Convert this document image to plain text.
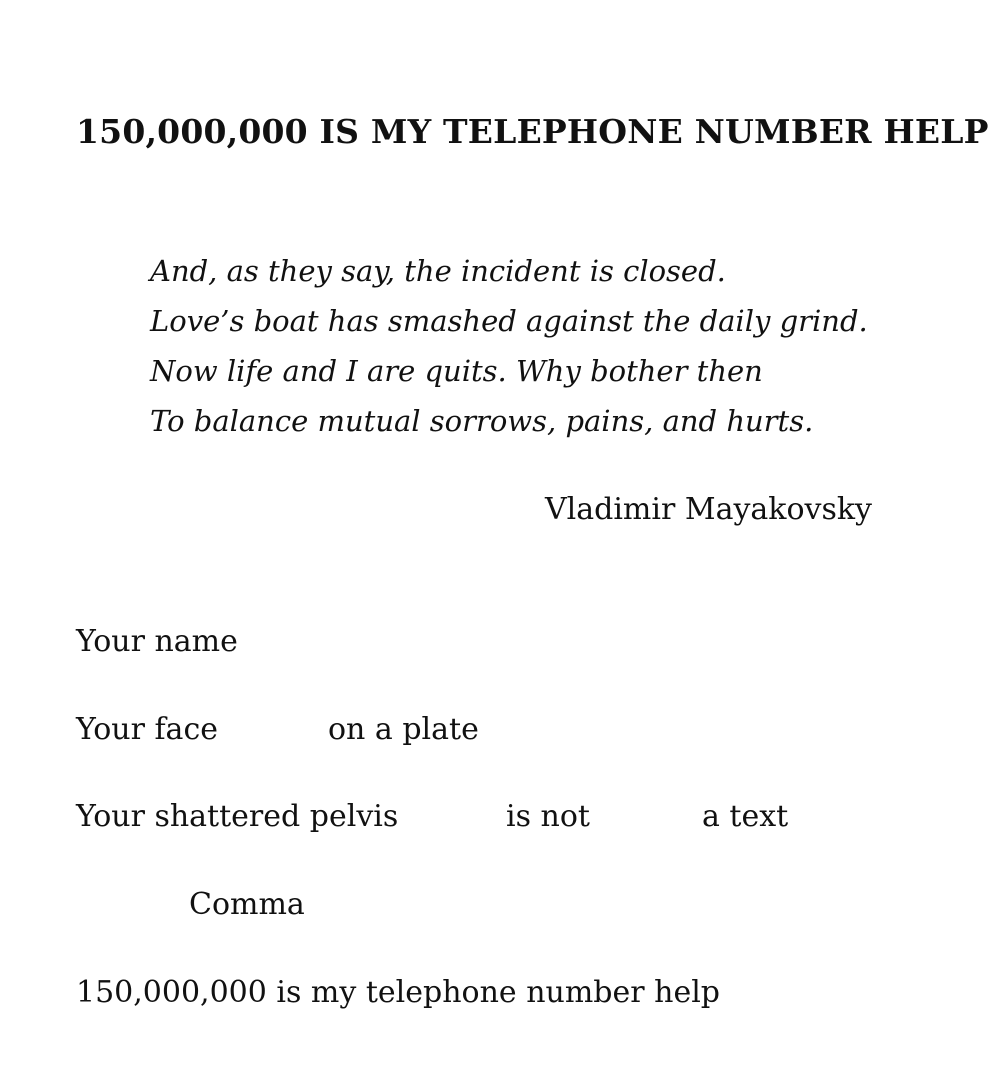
150,000,000 IS MY TELEPHONE NUMBER HELP
And, as they say, the incident is closed.
Love’s boat has smashed against the daily grind.
Now life and I are quits. Why bother then
To balance mutual sorrows, pains, and hurts.
Vladimir Mayakovsky
Your name
Your face	on a plate
Your shattered pelvis	is not	a text
Comma
150,000,000 is my telephone number help
